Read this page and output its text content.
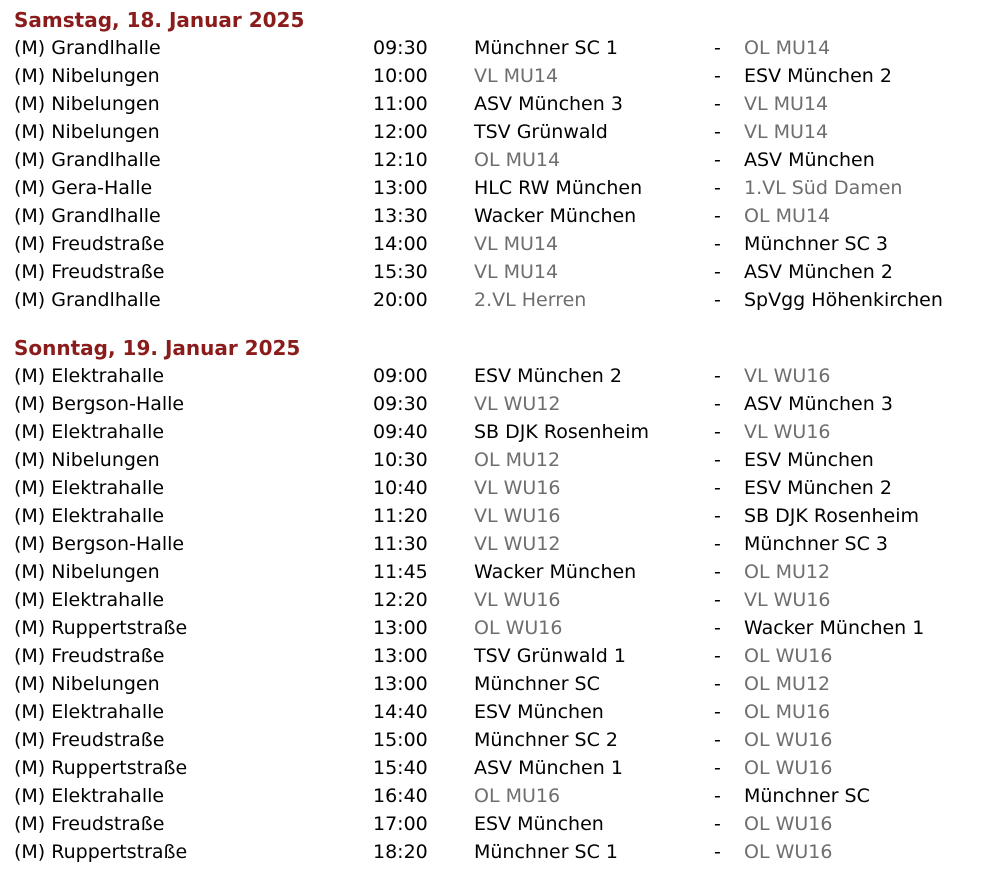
Samstag, 18. Januar 2025
(M) Grandlhalle	09:30 Münchner SC 1	- OL MU14
(M) Nibelungen	10:00 VL MU14	- ESV München 2
(M) Nibelungen	11:00 ASV München 3	- VL MU14
(M) Nibelungen	12:00 TSV Grünwald	- VL MU14
(M) Grandlhalle	12:10 OL MU14	- ASV München
(M) Gera-Halle	13:00 HLC RW München	- 1.VL Süd Damen
(M) Grandlhalle	13:30 Wacker München	- OL MU14
(M) Freudstraße	14:00 VL MU14	- Münchner SC 3
(M) Freudstraße	15:30 VL MU14	- ASV München 2
(M) Grandlhalle	20:00 2.VL Herren	- SpVgg Höhenkirchen
Sonntag, 19. Januar 2025
(M) Elektrahalle	09:00 ESV München 2	- VL WU16
(M) Bergson-Halle	09:30 VL WU12	- ASV München 3
(M) Elektrahalle	09:40 SB DJK Rosenheim	- VL WU16
(M) Nibelungen	10:30 OL MU12	- ESV München
(M) Elektrahalle	10:40 VL WU16	- ESV München 2
(M) Elektrahalle	11:20 VL WU16	- SB DJK Rosenheim
(M) Bergson-Halle	11:30 VL WU12	- Münchner SC 3
(M) Nibelungen	11:45 Wacker München	- OL MU12
(M) Elektrahalle	12:20 VL WU16	- VL WU16
(M) Ruppertstraße	13:00 OL WU16	- Wacker München 1
(M) Freudstraße	13:00 TSV Grünwald 1	- OL WU16
(M) Nibelungen	13:00 Münchner SC	- OL MU12
(M) Elektrahalle	14:40 ESV München	- OL MU16
(M) Freudstraße	15:00 Münchner SC 2	- OL WU16
(M) Ruppertstraße	15:40 ASV München 1	- OL WU16
(M) Elektrahalle	16:40 OL MU16	- Münchner SC
(M) Freudstraße	17:00 ESV München	- OL WU16
(M) Ruppertstraße	18:20 Münchner SC 1	- OL WU16
